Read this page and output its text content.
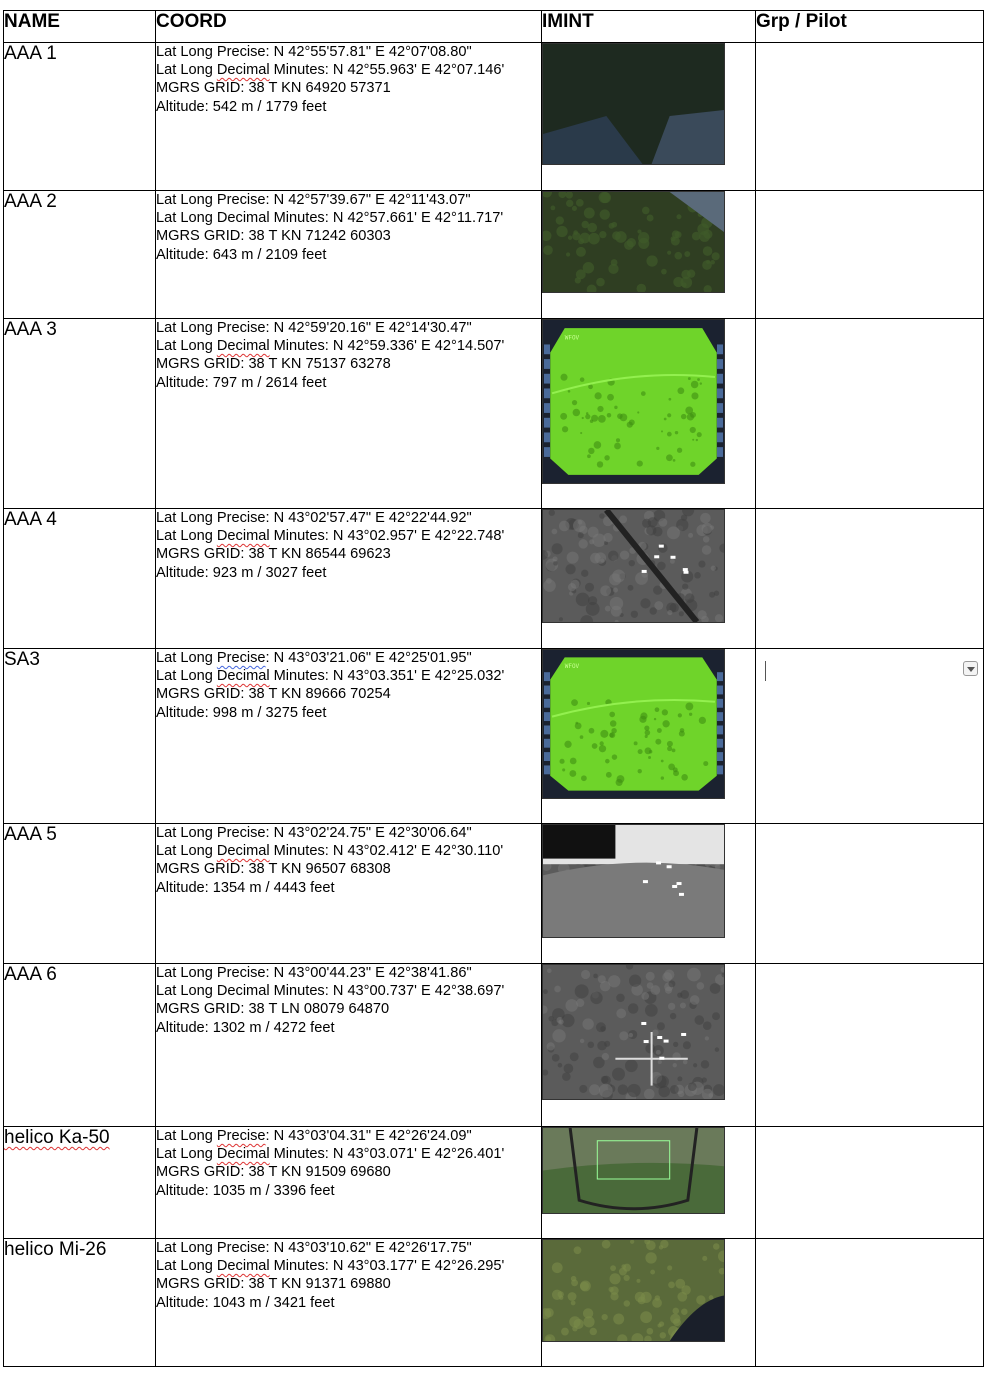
NAME	COORD	IMINT	Grp / Pilot
AAA 1	Lat Long Precise: N 42°55'57.81" E 42°07'08.80"
Lat Long Decimal Minutes: N 42°55.963' E 42°07.146'
MGRS GRID: 38 T KN 64920 57371
Altitude: 542 m / 1779 feet

AAA 2	Lat Long Precise: N 42°57'39.67" E 42°11'43.07"
Lat Long Decimal Minutes: N 42°57.661' E 42°11.717'
MGRS GRID: 38 T KN 71242 60303
Altitude: 643 m / 2109 feet

AAA 3	Lat Long Precise: N 42°59'20.16" E 42°14'30.47"
Lat Long Decimal Minutes: N 42°59.336' E 42°14.507'
MGRS GRID: 38 T KN 75137 63278
Altitude: 797 m / 2614 feet	WFOV	

AAA 4	Lat Long Precise: N 43°02'57.47" E 42°22'44.92"
Lat Long Decimal Minutes: N 43°02.957' E 42°22.748'
MGRS GRID: 38 T KN 86544 69623
Altitude: 923 m / 3027 feet

SA3	Lat Long Precise: N 43°03'21.06" E 42°25'01.95"
Lat Long Decimal Minutes: N 43°03.351' E 42°25.032'
MGRS GRID: 38 T KN 89666 70254
Altitude: 998 m / 3275 feet	WFOV	

AAA 5	Lat Long Precise: N 43°02'24.75" E 42°30'06.64"
Lat Long Decimal Minutes: N 43°02.412' E 42°30.110'
MGRS GRID: 38 T KN 96507 68308
Altitude: 1354 m / 4443 feet

AAA 6	Lat Long Precise: N 43°00'44.23" E 42°38'41.86"
Lat Long Decimal Minutes: N 43°00.737' E 42°38.697'
MGRS GRID: 38 T LN 08079 64870
Altitude: 1302 m / 4272 feet

helico Ka-50	Lat Long Precise: N 43°03'04.31" E 42°26'24.09"
Lat Long Decimal Minutes: N 43°03.071' E 42°26.401'
MGRS GRID: 38 T KN 91509 69680
Altitude: 1035 m / 3396 feet

helico Mi-26	Lat Long Precise: N 43°03'10.62" E 42°26'17.75"
Lat Long Decimal Minutes: N 43°03.177' E 42°26.295'
MGRS GRID: 38 T KN 91371 69880
Altitude: 1043 m / 3421 feet
